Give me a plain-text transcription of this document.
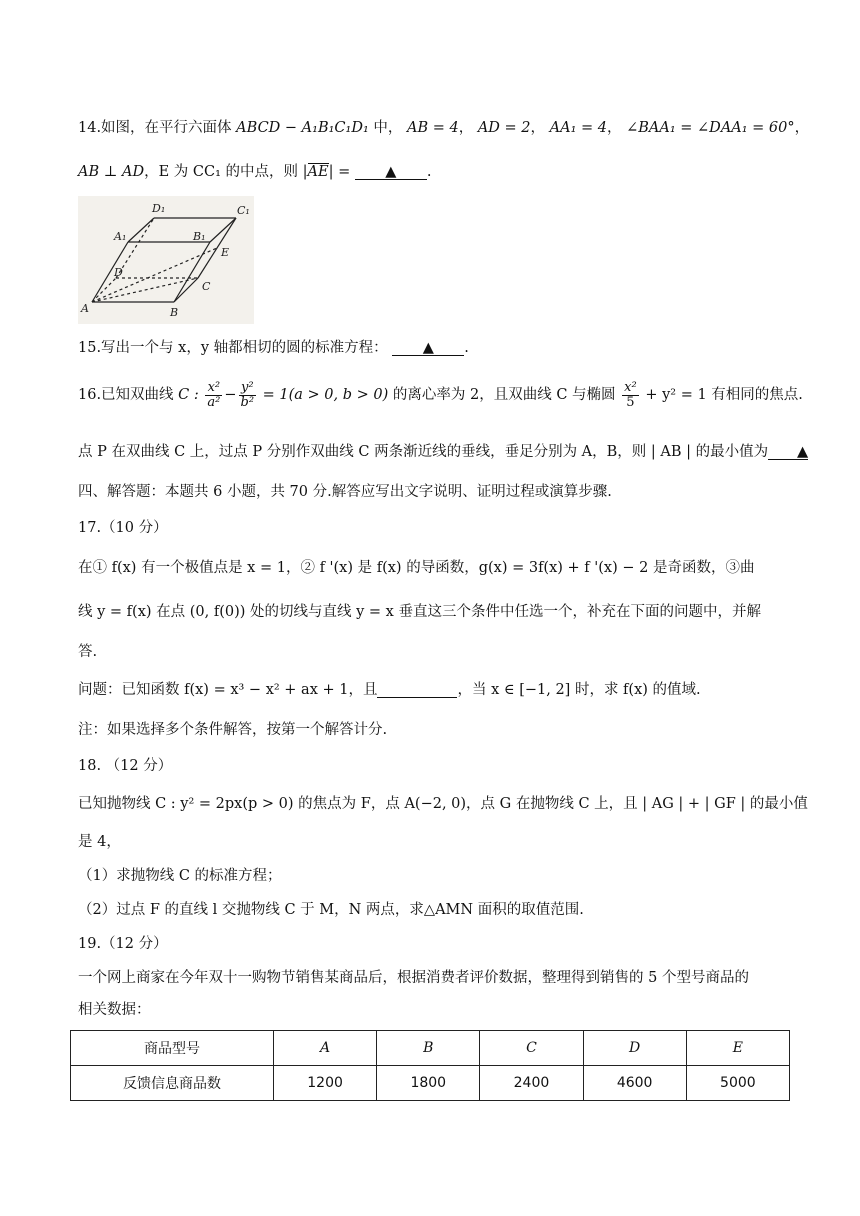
14.如图，在平行六面体 ABCD − A₁B₁C₁D₁ 中， AB = 4， AD = 2， AA₁ = 4， ∠BAA₁ = ∠DAA₁ = 60°，
AB ⊥ AD，E 为 CC₁ 的中点，则 |AE| = ▲ .
D₁	C₁
A₁	B₁
D
E
C
A	B
15.写出一个与 x，y 轴都相切的圆的标准方程： ▲ .
16.已知双曲线 C : $\frac{\text{x²}}{\text{a²}} - \frac{\text{y²}}{\text{b²}} = 1(a > 0$, b > 0) 的离心率为 2，且双曲线 C 与椭圆 $\frac{\text{x²}}{5} + y^2 = 1$ 有相同的焦点.
点 P 在双曲线 C 上，过点 P 分别作双曲线 C 两条渐近线的垂线，垂足分别为 A，B，则 | AB | 的最小值为 ▲
四、解答题：本题共 6 小题，共 70 分.解答应写出文字说明、证明过程或演算步骤.
17.（10 分）
在① f(x) 有一个极值点是 x = 1，② f '(x) 是 f(x) 的导函数，g(x) = 3f(x) + f '(x) − 2 是奇函数，③曲
线 y = f(x) 在点 (0, f(0)) 处的切线与直线 y = x 垂直这三个条件中任选一个，补充在下面的问题中，并解
答.
问题：已知函数 f(x) = x³ − x² + ax + 1，且	，当 x ∈ [−1, 2] 时，求 f(x) 的值域.
注：如果选择多个条件解答，按第一个解答计分.
18. （12 分）
已知抛物线 C : y² = 2px(p > 0) 的焦点为 F，点 A(−2, 0)，点 G 在抛物线 C 上，且 | AG | + | GF | 的最小值
是 4，
（1）求抛物线 C 的标准方程；
（2）过点 F 的直线 l 交抛物线 C 于 M，N 两点，求△AMN 面积的取值范围.
19.（12 分）
一个网上商家在今年双十一购物节销售某商品后，根据消费者评价数据，整理得到销售的 5 个型号商品的
相关数据：
商品型号	A	B	C	D	E
反馈信息商品数	1200	1800	2400	4600	5000
